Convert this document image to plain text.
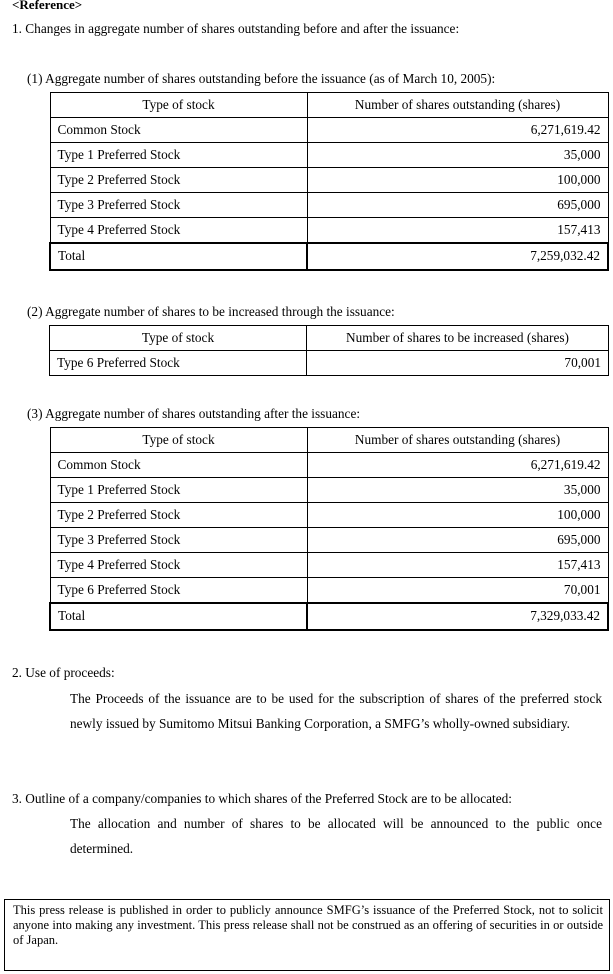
<Reference>
1. Changes in aggregate number of shares outstanding before and after the issuance:
(1) Aggregate number of shares outstanding before the issuance (as of March 10, 2005):
Type of stock	Number of shares outstanding (shares)
Common Stock	6,271,619.42
Type 1 Preferred Stock	35,000
Type 2 Preferred Stock	100,000
Type 3 Preferred Stock	695,000
Type 4 Preferred Stock	157,413
Total	7,259,032.42
(2) Aggregate number of shares to be increased through the issuance:
Type of stock	Number of shares to be increased (shares)
Type 6 Preferred Stock	70,001
(3) Aggregate number of shares outstanding after the issuance:
Type of stock	Number of shares outstanding (shares)
Common Stock	6,271,619.42
Type 1 Preferred Stock	35,000
Type 2 Preferred Stock	100,000
Type 3 Preferred Stock	695,000
Type 4 Preferred Stock	157,413
Type 6 Preferred Stock	70,001
Total	7,329,033.42
2. Use of proceeds:
The Proceeds of the issuance are to be used for the subscription of shares of the preferred stock newly issued by Sumitomo Mitsui Banking Corporation, a SMFG’s wholly-owned subsidiary.
3. Outline of a company/companies to which shares of the Preferred Stock are to be allocated:
The allocation and number of shares to be allocated will be announced to the public once determined.
This press release is published in order to publicly announce SMFG’s issuance of the Preferred Stock, not to solicit anyone into making any investment. This press release shall not be construed as an offering of securities in or outside of Japan.
